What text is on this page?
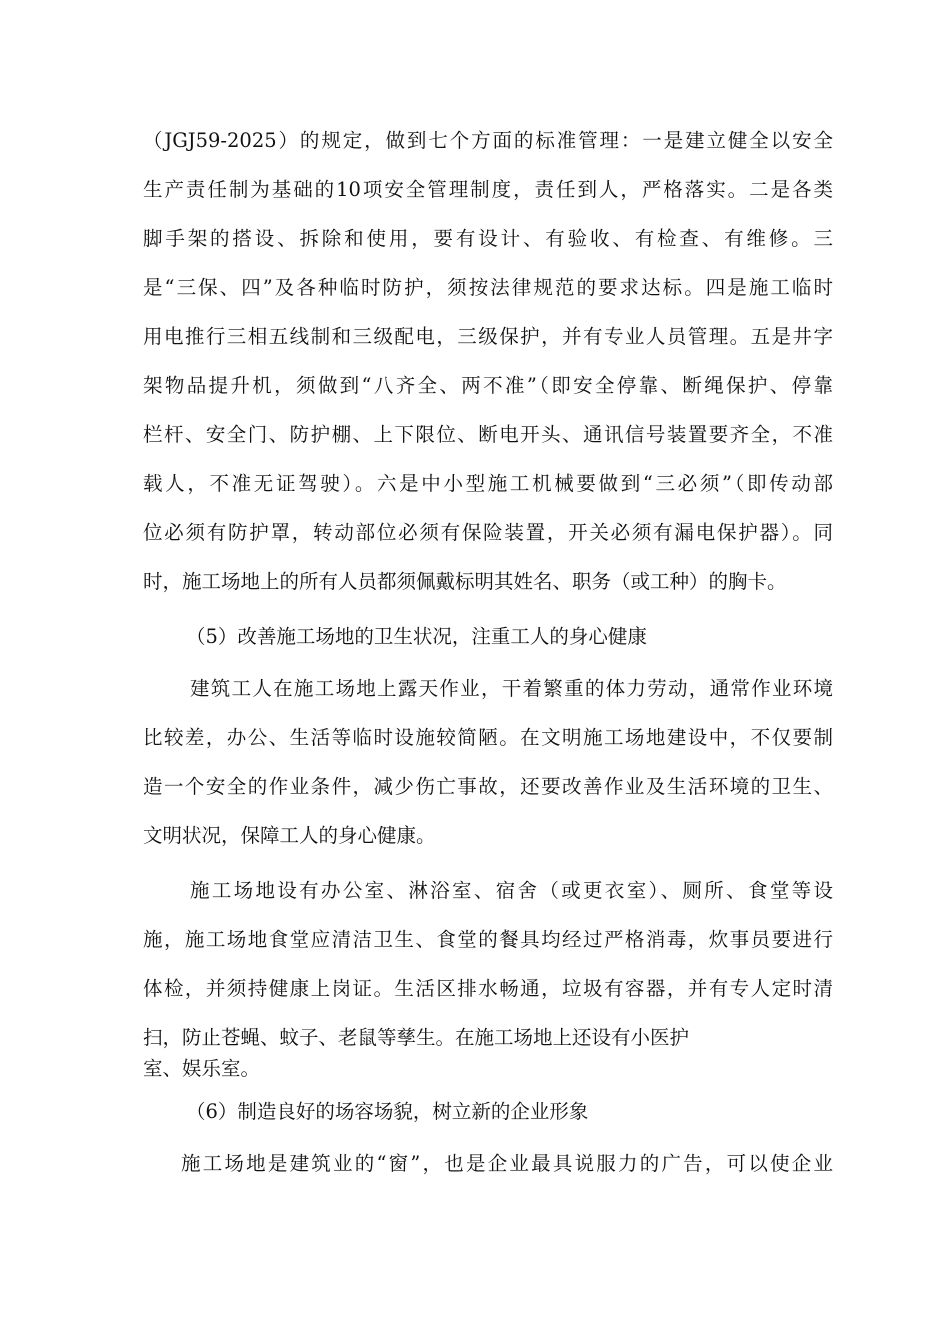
（JGJ59-2025）的规定，做到七个方面的标准管理：一是建立健全以安全
生产责任制为基础的10项安全管理制度，责任到人，严格落实。二是各类
脚手架的搭设、拆除和使用，要有设计、有验收、有检查、有维修。三
是“三保、四”及各种临时防护，须按法律规范的要求达标。四是施工临时
用电推行三相五线制和三级配电，三级保护，并有专业人员管理。五是井字
架物品提升机，须做到“八齐全、两不准”（即安全停靠、断绳保护、停靠
栏杆、安全门、防护棚、上下限位、断电开头、通讯信号装置要齐全，不准
载人，不准无证驾驶）。六是中小型施工机械要做到“三必须”（即传动部
位必须有防护罩，转动部位必须有保险装置，开关必须有漏电保护器）。同
时，施工场地上的所有人员都须佩戴标明其姓名、职务（或工种）的胸卡。
（5）改善施工场地的卫生状况，注重工人的身心健康
建筑工人在施工场地上露天作业，干着繁重的体力劳动，通常作业环境
比较差，办公、生活等临时设施较简陋。在文明施工场地建设中，不仅要制
造一个安全的作业条件，减少伤亡事故，还要改善作业及生活环境的卫生、
文明状况，保障工人的身心健康。
施工场地设有办公室、淋浴室、宿舍（或更衣室）、厕所、食堂等设
施，施工场地食堂应清洁卫生、食堂的餐具均经过严格消毒，炊事员要进行
体检，并须持健康上岗证。生活区排水畅通，垃圾有容器，并有专人定时清
扫，防止苍蝇、蚊子、老鼠等孳生。在施工场地上还设有小医护
室、娱乐室。
（6）制造良好的场容场貌，树立新的企业形象
施工场地是建筑业的“窗”，也是企业最具说服力的广告，可以使企业
